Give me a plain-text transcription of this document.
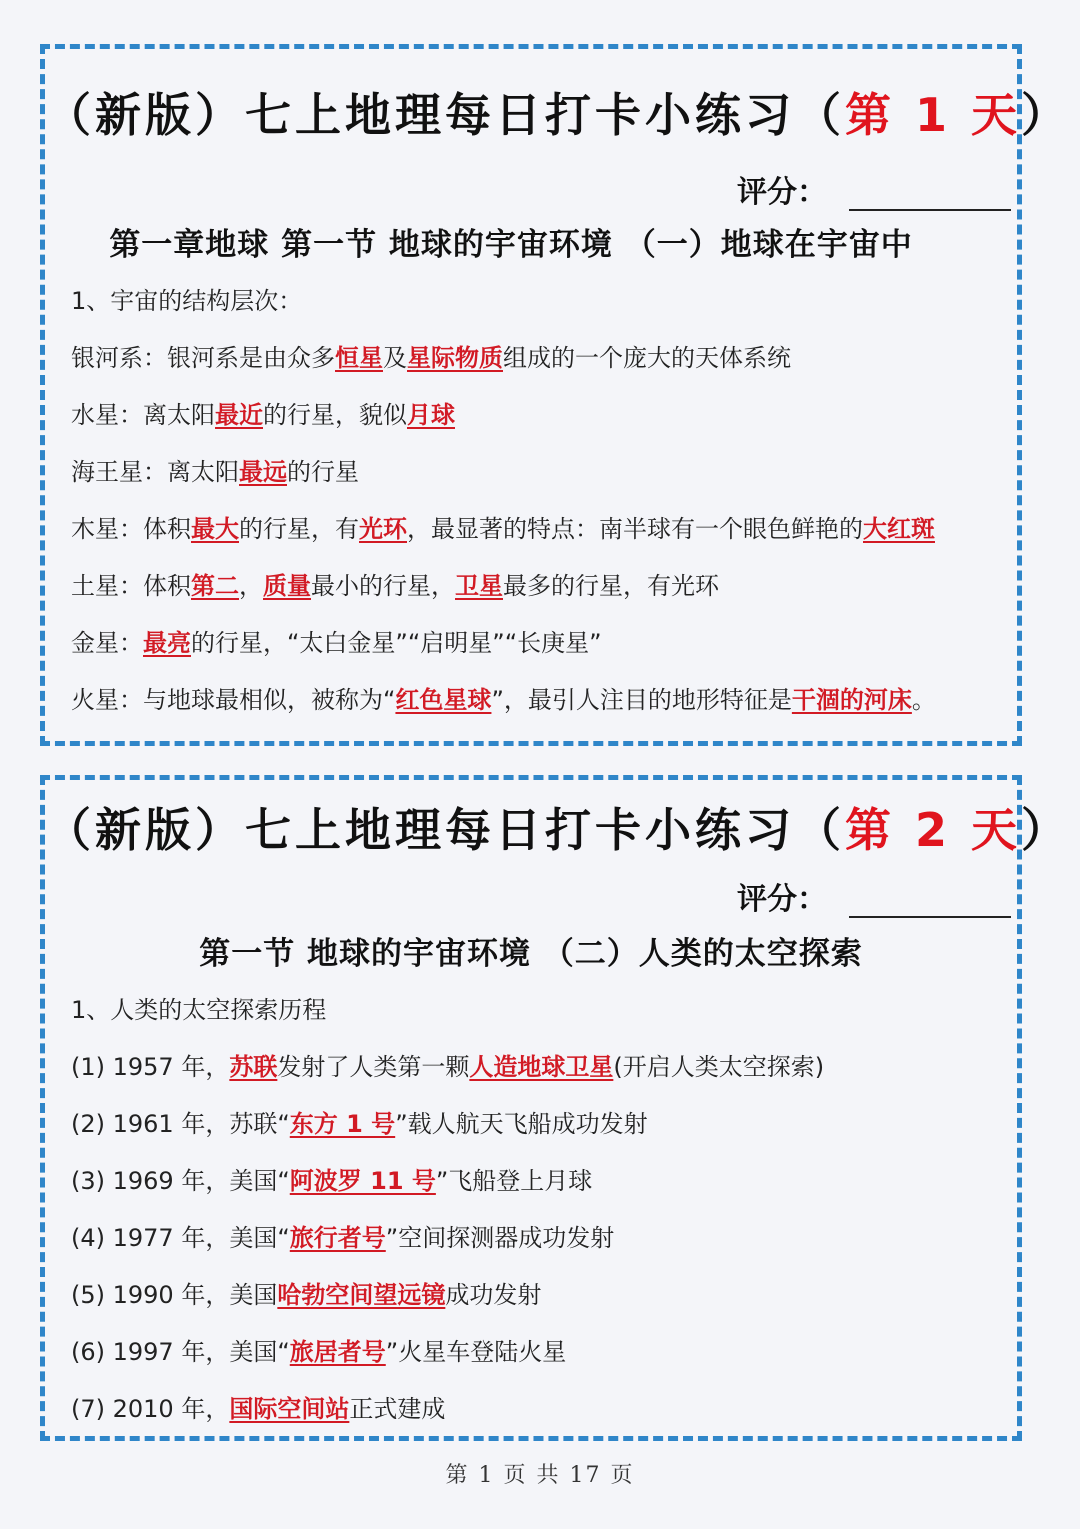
（新版）七上地理每日打卡小练习（第 1 天）
评分：
第一章地球 第一节 地球的宇宙环境 （一）地球在宇宙中
1、宇宙的结构层次：
银河系：银河系是由众多恒星及星际物质组成的一个庞大的天体系统
水星：离太阳最近的行星，貌似月球
海王星：离太阳最远的行星
木星：体积最大的行星，有光环，最显著的特点：南半球有一个眼色鲜艳的大红斑
土星：体积第二，质量最小的行星，卫星最多的行星，有光环
金星：最亮的行星，“太白金星”“启明星”“长庚星”
火星：与地球最相似，被称为“红色星球”，最引人注目的地形特征是干涸的河床。
（新版）七上地理每日打卡小练习（第 2 天）
评分：
第一节 地球的宇宙环境 （二）人类的太空探索
1、人类的太空探索历程
(1) 1957 年，苏联发射了人类第一颗人造地球卫星(开启人类太空探索)
(2) 1961 年，苏联“东方 1 号”载人航天飞船成功发射
(3) 1969 年，美国“阿波罗 11 号”飞船登上月球
(4) 1977 年，美国“旅行者号”空间探测器成功发射
(5) 1990 年，美国哈勃空间望远镜成功发射
(6) 1997 年，美国“旅居者号”火星车登陆火星
(7) 2010 年，国际空间站正式建成
第 1 页 共 17 页
